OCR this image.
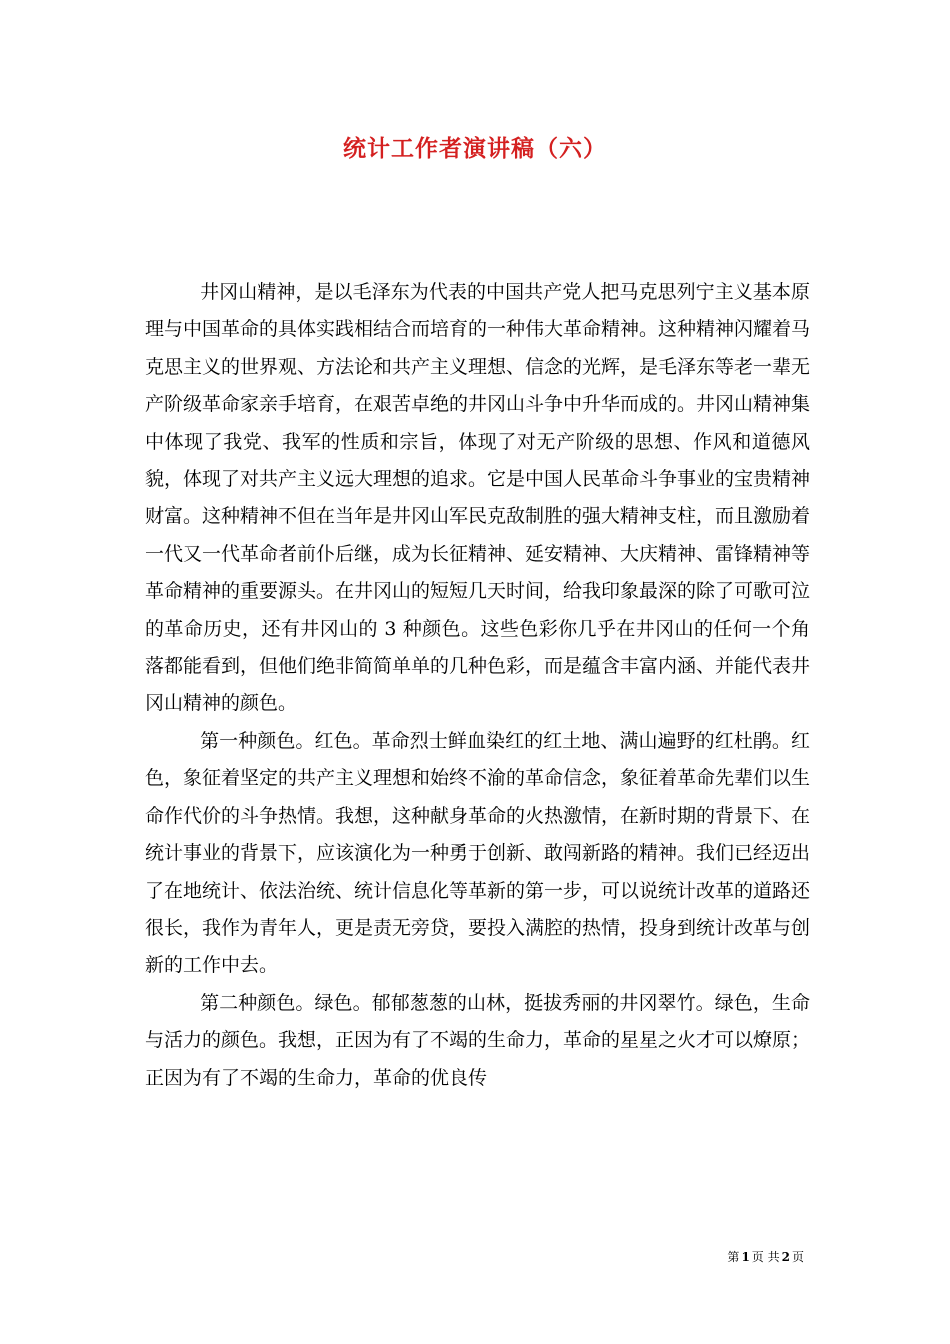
统计工作者演讲稿（六）

井冈山精神，是以毛泽东为代表的中国共产党人把马克思列宁主义基本原理与中国革命的具体实践相结合而培育的一种伟大革命精神。这种精神闪耀着马克思主义的世界观、方法论和共产主义理想、信念的光辉，是毛泽东等老一辈无产阶级革命家亲手培育，在艰苦卓绝的井冈山斗争中升华而成的。井冈山精神集中体现了我党、我军的性质和宗旨，体现了对无产阶级的思想、作风和道德风貌，体现了对共产主义远大理想的追求。它是中国人民革命斗争事业的宝贵精神财富。这种精神不但在当年是井冈山军民克敌制胜的强大精神支柱，而且激励着一代又一代革命者前仆后继，成为长征精神、延安精神、大庆精神、雷锋精神等革命精神的重要源头。在井冈山的短短几天时间，给我印象最深的除了可歌可泣的革命历史，还有井冈山的 3 种颜色。这些色彩你几乎在井冈山的任何一个角落都能看到，但他们绝非简简单单的几种色彩，而是蕴含丰富内涵、并能代表井冈山精神的颜色。

第一种颜色。红色。革命烈士鲜血染红的红土地、满山遍野的红杜鹃。红色，象征着坚定的共产主义理想和始终不渝的革命信念，象征着革命先辈们以生命作代价的斗争热情。我想，这种献身革命的火热激情，在新时期的背景下、在统计事业的背景下，应该演化为一种勇于创新、敢闯新路的精神。我们已经迈出了在地统计、依法治统、统计信息化等革新的第一步，可以说统计改革的道路还很长，我作为青年人，更是责无旁贷，要投入满腔的热情，投身到统计改革与创新的工作中去。

第二种颜色。绿色。郁郁葱葱的山林，挺拔秀丽的井冈翠竹。绿色，生命与活力的颜色。我想，正因为有了不竭的生命力，革命的星星之火才可以燎原；正因为有了不竭的生命力，革命的优良传

第 1 页 共 2 页
